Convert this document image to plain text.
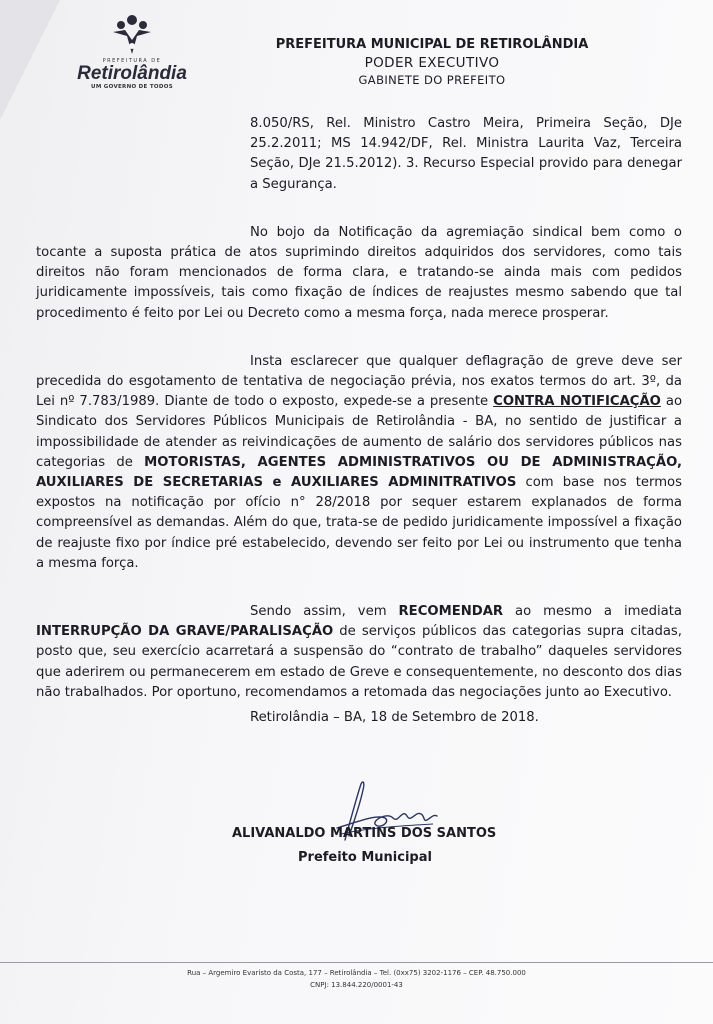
PREFEITURA DE
Retirolândia
UM GOVERNO DE TODOS
PREFEITURA MUNICIPAL DE RETIROLÂNDIA
PODER EXECUTIVO
GABINETE DO PREFEITO

8.050/RS, Rel. Ministro Castro Meira, Primeira Seção, DJe 25.2.2011; MS 14.942/DF, Rel. Ministra Laurita Vaz, Terceira Seção, DJe 21.5.2012). 3. Recurso Especial provido para denegar a Segurança.

No bojo da Notificação da agremiação sindical bem como o tocante a suposta prática de atos suprimindo direitos adquiridos dos servidores, como tais direitos não foram mencionados de forma clara, e tratando-se ainda mais com pedidos juridicamente impossíveis, tais como fixação de índices de reajustes mesmo sabendo que tal procedimento é feito por Lei ou Decreto como a mesma força, nada merece prosperar.

Insta esclarecer que qualquer deflagração de greve deve ser precedida do esgotamento de tentativa de negociação prévia, nos exatos termos do art. 3º, da Lei nº 7.783/1989. Diante de todo o exposto, expede-se a presente CONTRA NOTIFICAÇÃO ao Sindicato dos Servidores Públicos Municipais de Retirolândia - BA, no sentido de justificar a impossibilidade de atender as reivindicações de aumento de salário dos servidores públicos nas categorias de MOTORISTAS, AGENTES ADMINISTRATIVOS OU DE ADMINISTRAÇÃO, AUXILIARES DE SECRETARIAS e AUXILIARES ADMINITRATIVOS com base nos termos expostos na notificação por ofício n° 28/2018 por sequer estarem explanados de forma compreensível as demandas. Além do que, trata-se de pedido juridicamente impossível a fixação de reajuste fixo por índice pré estabelecido, devendo ser feito por Lei ou instrumento que tenha a mesma força.

Sendo assim, vem RECOMENDAR ao mesmo a imediata INTERRUPÇÃO DA GRAVE/PARALISAÇÃO de serviços públicos das categorias supra citadas, posto que, seu exercício acarretará a suspensão do “contrato de trabalho” daqueles servidores que aderirem ou permanecerem em estado de Greve e consequentemente, no desconto dos dias não trabalhados. Por oportuno, recomendamos a retomada das negociações junto ao Executivo.

Retirolândia – BA, 18 de Setembro de 2018.
ALIVANALDO MARTINS DOS SANTOS
Prefeito Municipal
Rua – Argemiro Evaristo da Costa, 177 – Retirolândia – Tel. (0xx75) 3202-1176 – CEP. 48.750.000
CNPJ: 13.844.220/0001-43
